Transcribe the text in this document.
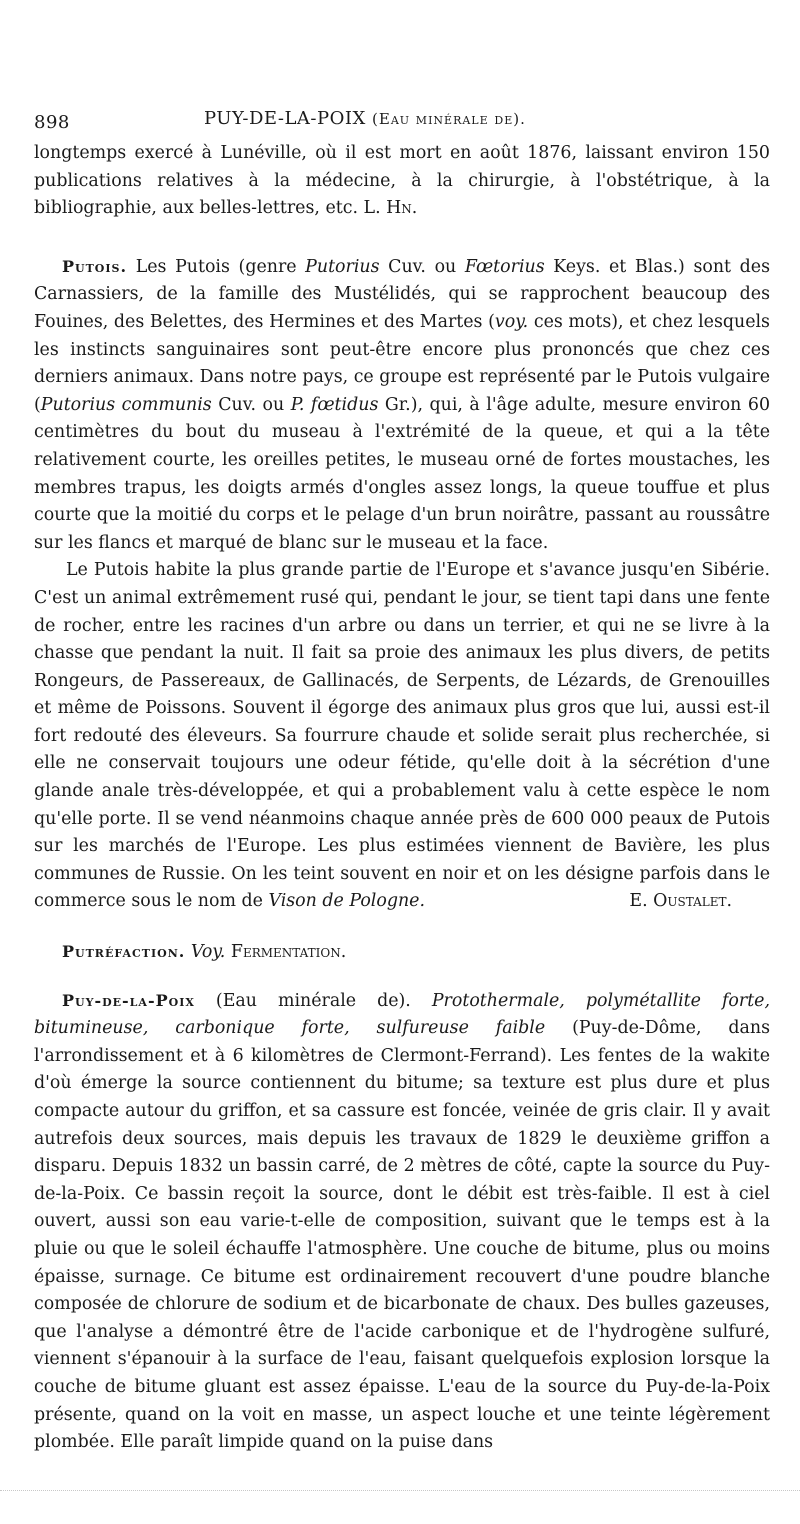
898	PUY-DE-LA-POIX (Eau minérale de).

longtemps exercé à Lunéville, où il est mort en août 1876, laissant environ 150 publications relatives à la médecine, à la chirurgie, à l'obstétrique, à la bibliographie, aux belles-lettres, etc. L. Hn.

Putois. Les Putois (genre Putorius Cuv. ou Fœtorius Keys. et Blas.) sont des Carnassiers, de la famille des Mustélidés, qui se rapprochent beaucoup des Fouines, des Belettes, des Hermines et des Martes (voy. ces mots), et chez lesquels les instincts sanguinaires sont peut-être encore plus prononcés que chez ces derniers animaux. Dans notre pays, ce groupe est représenté par le Putois vulgaire (Putorius communis Cuv. ou P. fœtidus Gr.), qui, à l'âge adulte, mesure environ 60 centimètres du bout du museau à l'extrémité de la queue, et qui a la tête relativement courte, les oreilles petites, le museau orné de fortes moustaches, les membres trapus, les doigts armés d'ongles assez longs, la queue touffue et plus courte que la moitié du corps et le pelage d'un brun noirâtre, passant au roussâtre sur les flancs et marqué de blanc sur le museau et la face.

Le Putois habite la plus grande partie de l'Europe et s'avance jusqu'en Sibérie. C'est un animal extrêmement rusé qui, pendant le jour, se tient tapi dans une fente de rocher, entre les racines d'un arbre ou dans un terrier, et qui ne se livre à la chasse que pendant la nuit. Il fait sa proie des animaux les plus divers, de petits Rongeurs, de Passereaux, de Gallinacés, de Serpents, de Lézards, de Grenouilles et même de Poissons. Souvent il égorge des animaux plus gros que lui, aussi est-il fort redouté des éleveurs. Sa fourrure chaude et solide serait plus recherchée, si elle ne conservait toujours une odeur fétide, qu'elle doit à la sécrétion d'une glande anale très-développée, et qui a probablement valu à cette espèce le nom qu'elle porte. Il se vend néanmoins chaque année près de 600 000 peaux de Putois sur les marchés de l'Europe. Les plus estimées viennent de Bavière, les plus communes de Russie. On les teint souvent en noir et on les désigne parfois dans le commerce sous le nom de Vison de Pologne.	E. Oustalet.

Putréfaction. Voy. Fermentation.

Puy-de-la-Poix (Eau minérale de). Protothermale, polymétallite forte, bitumineuse, carbonique forte, sulfureuse faible (Puy-de-Dôme, dans l'arrondissement et à 6 kilomètres de Clermont-Ferrand). Les fentes de la wakite d'où émerge la source contiennent du bitume; sa texture est plus dure et plus compacte autour du griffon, et sa cassure est foncée, veinée de gris clair. Il y avait autrefois deux sources, mais depuis les travaux de 1829 le deuxième griffon a disparu. Depuis 1832 un bassin carré, de 2 mètres de côté, capte la source du Puy-de-la-Poix. Ce bassin reçoit la source, dont le débit est très-faible. Il est à ciel ouvert, aussi son eau varie-t-elle de composition, suivant que le temps est à la pluie ou que le soleil échauffe l'atmosphère. Une couche de bitume, plus ou moins épaisse, surnage. Ce bitume est ordinairement recouvert d'une poudre blanche composée de chlorure de sodium et de bicarbonate de chaux. Des bulles gazeuses, que l'analyse a démontré être de l'acide carbonique et de l'hydrogène sulfuré, viennent s'épanouir à la surface de l'eau, faisant quelquefois explosion lorsque la couche de bitume gluant est assez épaisse. L'eau de la source du Puy-de-la-Poix présente, quand on la voit en masse, un aspect louche et une teinte légèrement plombée. Elle paraît limpide quand on la puise dans
